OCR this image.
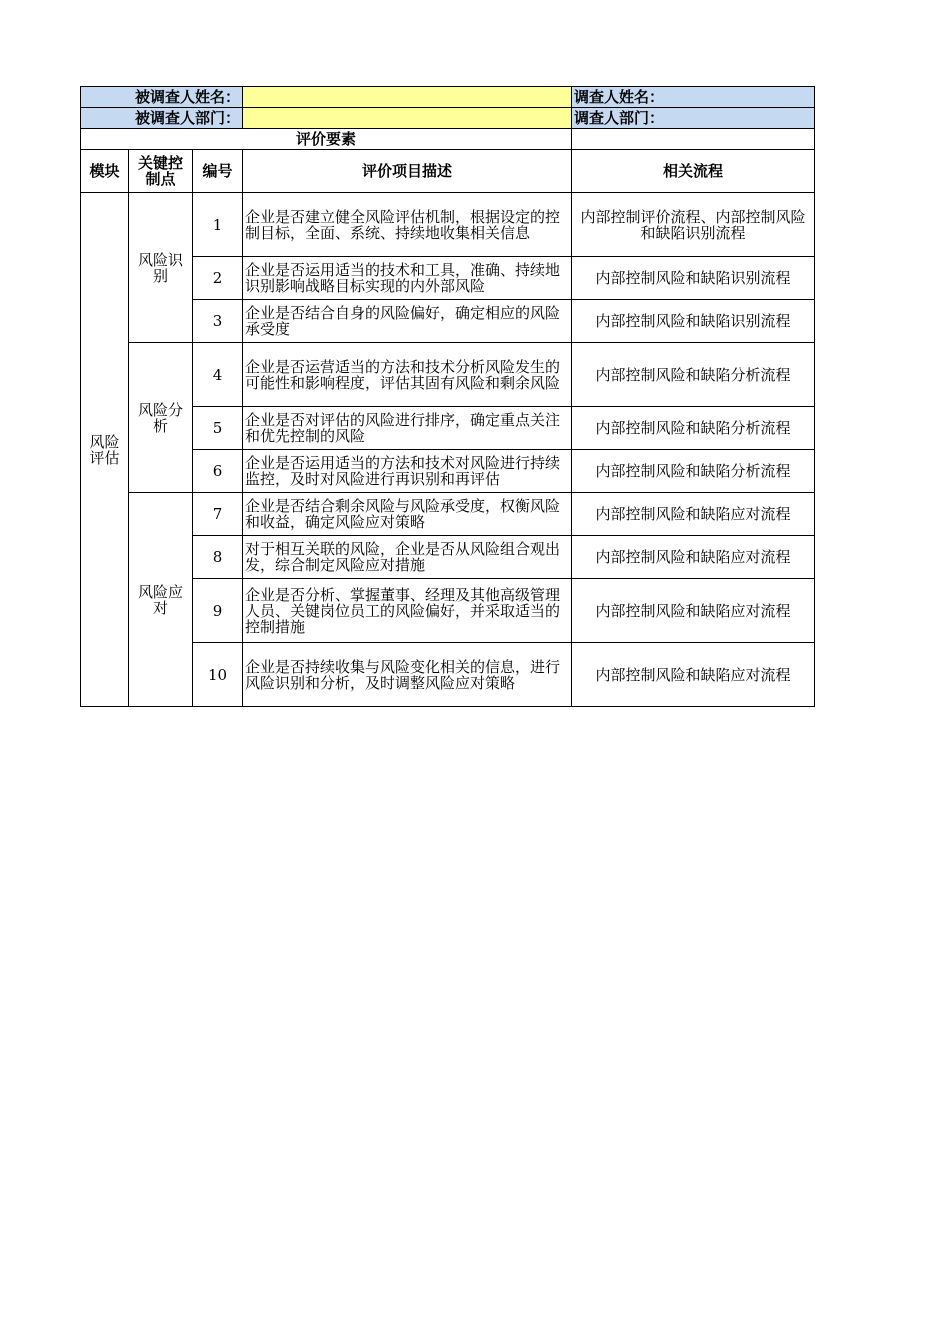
被调查人姓名：				调查人姓名：
被调查人部门：				调查人部门：
评价要素				
模块	关键控制点	编号	评价项目描述	相关流程
风险评估	风险识别	1	企业是否建立健全风险评估机制，根据设定的控制目标，全面、系统、持续地收集相关信息	内部控制评价流程、内部控制风险和缺陷识别流程
		2	企业是否运用适当的技术和工具，准确、持续地识别影响战略目标实现的内外部风险	内部控制风险和缺陷识别流程
		3	企业是否结合自身的风险偏好，确定相应的风险承受度	内部控制风险和缺陷识别流程
	风险分析	4	企业是否运营适当的方法和技术分析风险发生的可能性和影响程度，评估其固有风险和剩余风险	内部控制风险和缺陷分析流程
		5	企业是否对评估的风险进行排序，确定重点关注和优先控制的风险	内部控制风险和缺陷分析流程
		6	企业是否运用适当的方法和技术对风险进行持续监控，及时对风险进行再识别和再评估	内部控制风险和缺陷分析流程
	风险应对	7	企业是否结合剩余风险与风险承受度，权衡风险和收益，确定风险应对策略	内部控制风险和缺陷应对流程
		8	对于相互关联的风险，企业是否从风险组合观出发，综合制定风险应对措施	内部控制风险和缺陷应对流程
		9	企业是否分析、掌握董事、经理及其他高级管理人员、关键岗位员工的风险偏好，并采取适当的控制措施	内部控制风险和缺陷应对流程
		10	企业是否持续收集与风险变化相关的信息，进行风险识别和分析，及时调整风险应对策略	内部控制风险和缺陷应对流程
